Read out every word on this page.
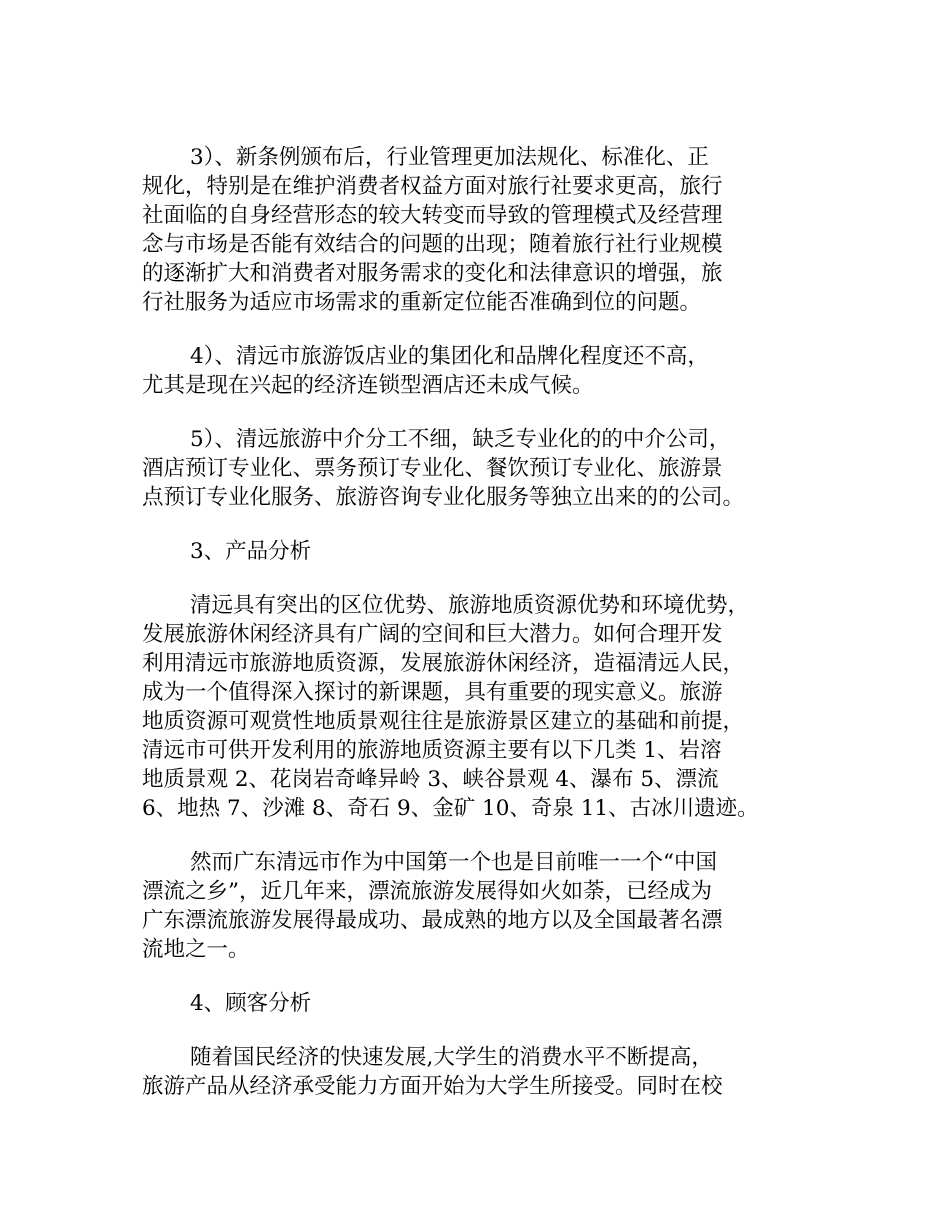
3）、新条例颁布后，行业管理更加法规化、标准化、正
规化，特别是在维护消费者权益方面对旅行社要求更高，旅行
社面临的自身经营形态的较大转变而导致的管理模式及经营理
念与市场是否能有效结合的问题的出现；随着旅行社行业规模
的逐渐扩大和消费者对服务需求的变化和法律意识的增强，旅
行社服务为适应市场需求的重新定位能否准确到位的问题。

4）、清远市旅游饭店业的集团化和品牌化程度还不高，
尤其是现在兴起的经济连锁型酒店还未成气候。

5）、清远旅游中介分工不细，缺乏专业化的的中介公司，
酒店预订专业化、票务预订专业化、餐饮预订专业化、旅游景
点预订专业化服务、旅游咨询专业化服务等独立出来的的公司。

3、产品分析

清远具有突出的区位优势、旅游地质资源优势和环境优势，
发展旅游休闲经济具有广阔的空间和巨大潜力。如何合理开发
利用清远市旅游地质资源，发展旅游休闲经济，造福清远人民，
成为一个值得深入探讨的新课题，具有重要的现实意义。旅游
地质资源可观赏性地质景观往往是旅游景区建立的基础和前提，
清远市可供开发利用的旅游地质资源主要有以下几类 1、岩溶
地质景观 2、花岗岩奇峰异岭 3、峡谷景观 4、瀑布 5、漂流
6、地热 7、沙滩 8、奇石 9、金矿 10、奇泉 11、古冰川遗迹。

然而广东清远市作为中国第一个也是目前唯一一个“中国
漂流之乡”，近几年来，漂流旅游发展得如火如荼，已经成为
广东漂流旅游发展得最成功、最成熟的地方以及全国最著名漂
流地之一。

4、顾客分析

随着国民经济的快速发展,大学生的消费水平不断提高，
旅游产品从经济承受能力方面开始为大学生所接受。同时在校
